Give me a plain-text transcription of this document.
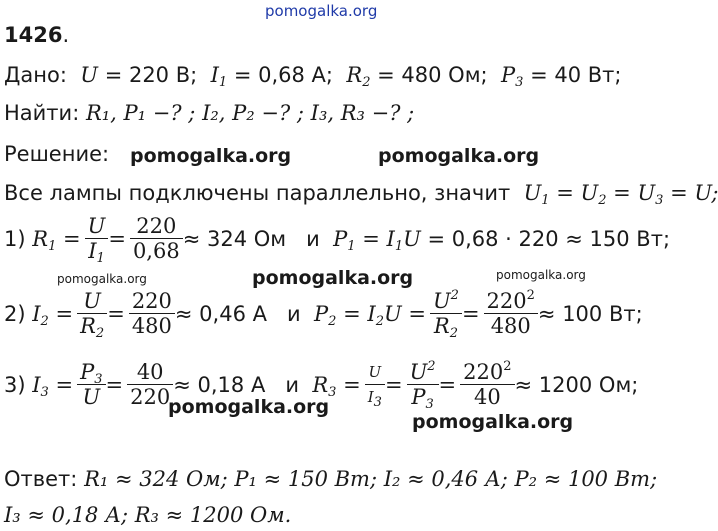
pomogalka.org
pomogalka.org	pomogalka.org
pomogalka.org	pomogalka.org	pomogalka.org
pomogalka.org
pomogalka.org
1426.
Дано:  U = 220 В;  $I_1 = 0,68$ А;  $R_2 = 480$ Ом;  $P_3 = 40$ Вт;
Найти: R₁, P₁ −? ; I₂, P₂ −? ; I₃, R₃ −? ;
Решение:
Все лампы подключены параллельно, значит  $U_1 = U_2 = U_3 = U$;
1) $R_1 = \frac{U}{I_1} = \frac{220}{0,68} \approx 324$ Ом
и $P_1 = I_1U = 0,68 \cdot 220 \approx 150$ Вт;
2) $I_2 = \frac{U}{R_2} = \frac{220}{480} \approx 0,46$ А
и $P_2 = I_2U = \frac{U^2}{R_2} = \frac{220^2}{480} \approx 100$ Вт;
3) $I_3 = \frac{P_3}{U} = \frac{40}{220} \approx 0,18$ А
и $R_3 = \frac{U}{I_3} = \frac{U^2}{P_3} = \frac{220^2}{40} \approx 1200$ Ом;
Ответ: R₁ ≈ 324 Ом; P₁ ≈ 150 Вт; I₂ ≈ 0,46 А; P₂ ≈ 100 Вт;
I₃ ≈ 0,18 А; R₃ ≈ 1200 Ом.
